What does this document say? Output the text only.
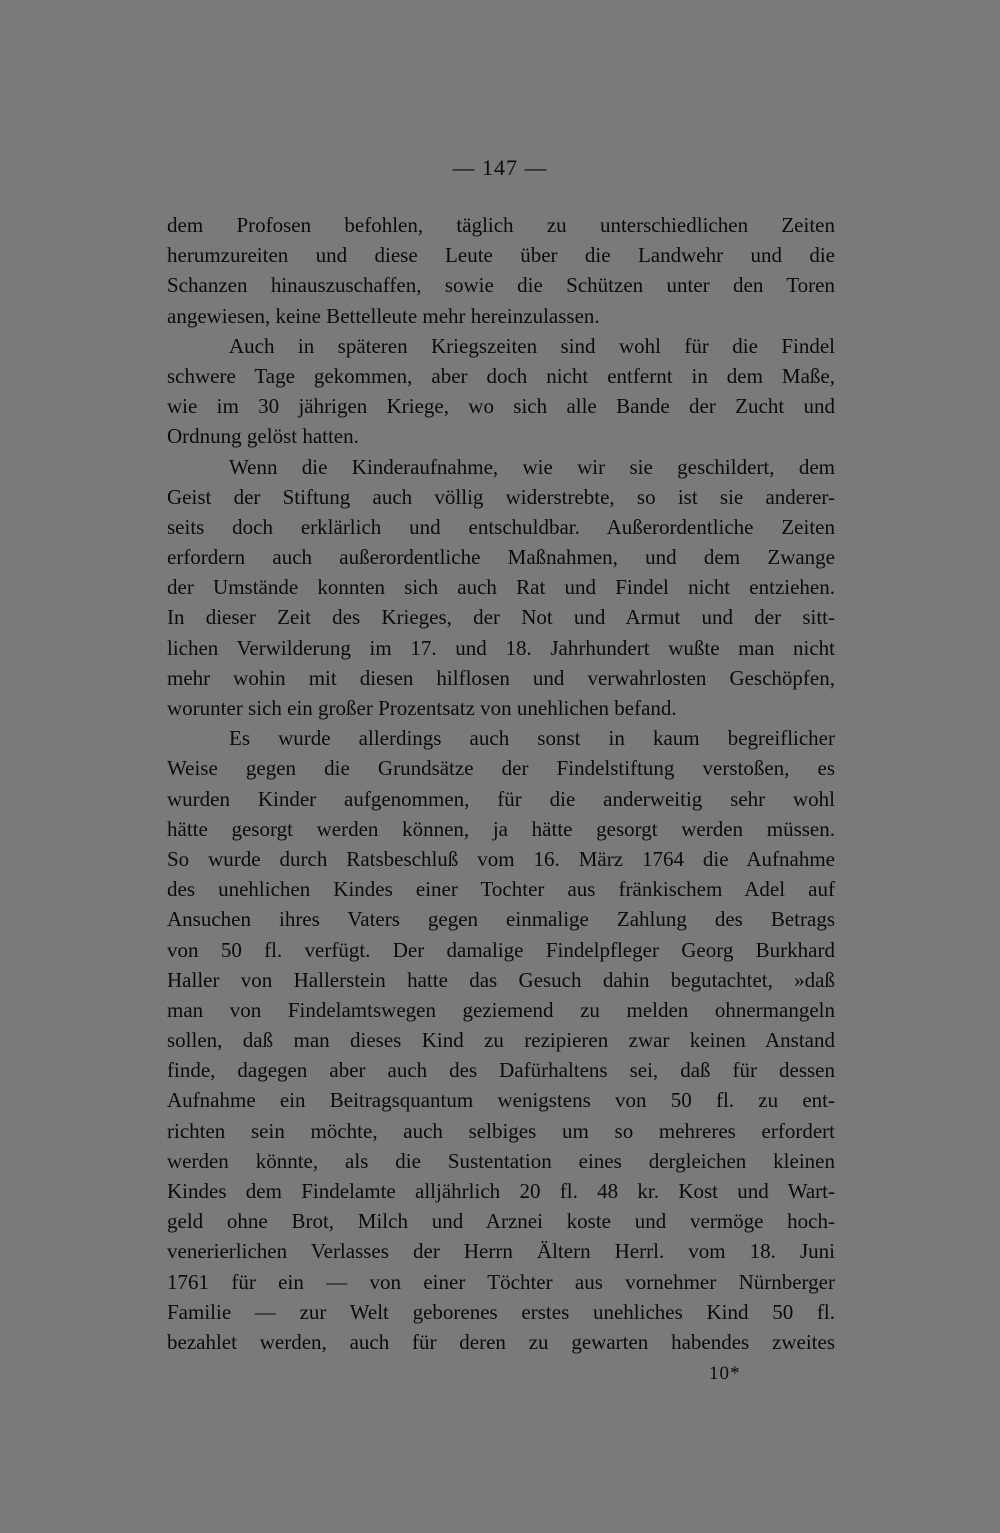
— 147 —
dem Profosen befohlen, täglich zu unterschiedlichen Zeiten
herumzureiten und diese Leute über die Landwehr und die
Schanzen hinauszuschaffen, sowie die Schützen unter den Toren
angewiesen, keine Bettelleute mehr hereinzulassen.
Auch in späteren Kriegszeiten sind wohl für die Findel
schwere Tage gekommen, aber doch nicht entfernt in dem Maße,
wie im 30 jährigen Kriege, wo sich alle Bande der Zucht und
Ordnung gelöst hatten.
Wenn die Kinderaufnahme, wie wir sie geschildert, dem
Geist der Stiftung auch völlig widerstrebte, so ist sie anderer-
seits doch erklärlich und entschuldbar. Außerordentliche Zeiten
erfordern auch außerordentliche Maßnahmen, und dem Zwange
der Umstände konnten sich auch Rat und Findel nicht entziehen.
In dieser Zeit des Krieges, der Not und Armut und der sitt-
lichen Verwilderung im 17. und 18. Jahrhundert wußte man nicht
mehr wohin mit diesen hilflosen und verwahrlosten Geschöpfen,
worunter sich ein großer Prozentsatz von unehlichen befand.
Es wurde allerdings auch sonst in kaum begreiflicher
Weise gegen die Grundsätze der Findelstiftung verstoßen, es
wurden Kinder aufgenommen, für die anderweitig sehr wohl
hätte gesorgt werden können, ja hätte gesorgt werden müssen.
So wurde durch Ratsbeschluß vom 16. März 1764 die Aufnahme
des unehlichen Kindes einer Tochter aus fränkischem Adel auf
Ansuchen ihres Vaters gegen einmalige Zahlung des Betrags
von 50 fl. verfügt. Der damalige Findelpfleger Georg Burkhard
Haller von Hallerstein hatte das Gesuch dahin begutachtet, »daß
man von Findelamtswegen geziemend zu melden ohnermangeln
sollen, daß man dieses Kind zu rezipieren zwar keinen Anstand
finde, dagegen aber auch des Dafürhaltens sei, daß für dessen
Aufnahme ein Beitragsquantum wenigstens von 50 fl. zu ent-
richten sein möchte, auch selbiges um so mehreres erfordert
werden könnte, als die Sustentation eines dergleichen kleinen
Kindes dem Findelamte alljährlich 20 fl. 48 kr. Kost und Wart-
geld ohne Brot, Milch und Arznei koste und vermöge hoch-
venerierlichen Verlasses der Herrn Ältern Herrl. vom 18. Juni
1761 für ein — von einer Töchter aus vornehmer Nürnberger
Familie — zur Welt geborenes erstes unehliches Kind 50 fl.
bezahlet werden, auch für deren zu gewarten habendes zweites
10*
